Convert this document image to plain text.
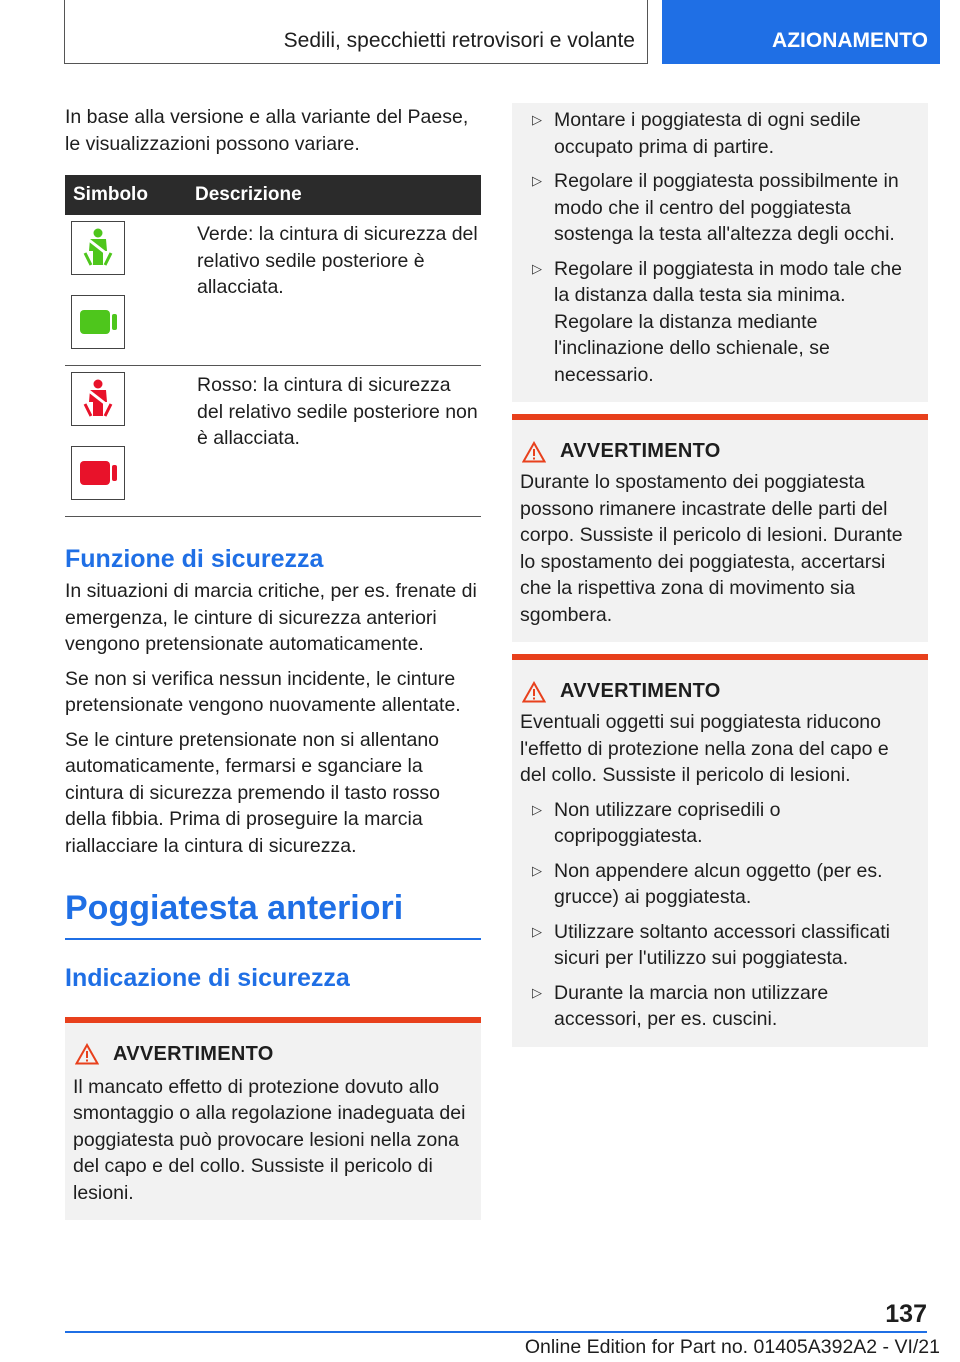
Sedili, specchietti retrovisori e volante	AZIONAMENTO

In base alla versione e alla variante del Paese, le visualizzazioni possono variare.

Simbolo	Descrizione

Verde: la cintura di sicurezza del relativo sedile posteriore è allacciata.

Rosso: la cintura di sicurezza del relativo sedile posteriore non è allacciata.
Funzione di sicurezza

In situazioni di marcia critiche, per es. frenate di emergenza, le cinture di sicurezza anteriori vengono pretensionate automaticamente.

Se non si verifica nessun incidente, le cinture pretensionate vengono nuovamente allentate.

Se le cinture pretensionate non si allentano automaticamente, fermarsi e sganciare la cintura di sicurezza premendo il tasto rosso della fibbia. Prima di proseguire la marcia riallacciare la cintura di sicurezza.

Poggiatesta anteriori
Indicazione di sicurezza
AVVERTIMENTO

Il mancato effetto di protezione dovuto allo smontaggio o alla regolazione inadeguata dei poggiatesta può provocare lesioni nella zona del capo e del collo. Sussiste il pericolo di lesioni.

▷ Montare i poggiatesta di ogni sedile occupato prima di partire.
▷ Regolare il poggiatesta possibilmente in modo che il centro del poggiatesta sostenga la testa all'altezza degli occhi.
▷ Regolare il poggiatesta in modo tale che la distanza dalla testa sia minima. Regolare la distanza mediante l'inclinazione dello schienale, se necessario.
AVVERTIMENTO

Durante lo spostamento dei poggiatesta possono rimanere incastrate delle parti del corpo. Sussiste il pericolo di lesioni. Durante lo spostamento dei poggiatesta, accertarsi che la rispettiva zona di movimento sia sgombera.

AVVERTIMENTO

Eventuali oggetti sui poggiatesta riducono l'effetto di protezione nella zona del capo e del collo. Sussiste il pericolo di lesioni.

▷ Non utilizzare coprisedili o copripoggiatesta.
▷ Non appendere alcun oggetto (per es. grucce) ai poggiatesta.
▷ Utilizzare soltanto accessori classificati sicuri per l'utilizzo sui poggiatesta.
▷ Durante la marcia non utilizzare accessori, per es. cuscini.
137
Online Edition for Part no. 01405A392A2 - VI/21
